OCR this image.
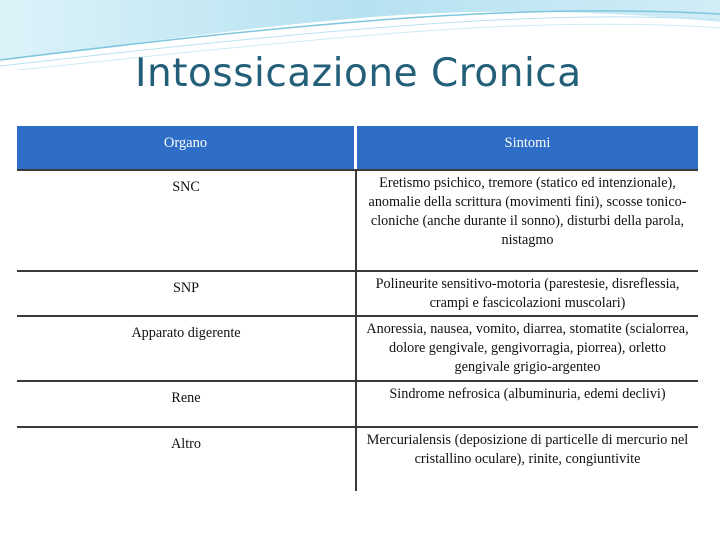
Intossicazione Cronica
Organo	Sintomi
SNC	Eretismo psichico, tremore (statico ed intenzionale), anomalie della scrittura (movimenti fini), scosse tonico-cloniche (anche durante il sonno), disturbi della parola, nistagmo
SNP	Polineurite sensitivo-motoria (parestesie, disreflessia, crampi e fascicolazioni muscolari)
Apparato digerente	Anoressia, nausea, vomito, diarrea, stomatite (scialorrea, dolore gengivale, gengivorragia, piorrea), orletto gengivale grigio-argenteo
Rene	Sindrome nefrosica (albuminuria, edemi declivi)
Altro	Mercurialensis (deposizione di particelle di mercurio nel cristallino oculare), rinite, congiuntivite
